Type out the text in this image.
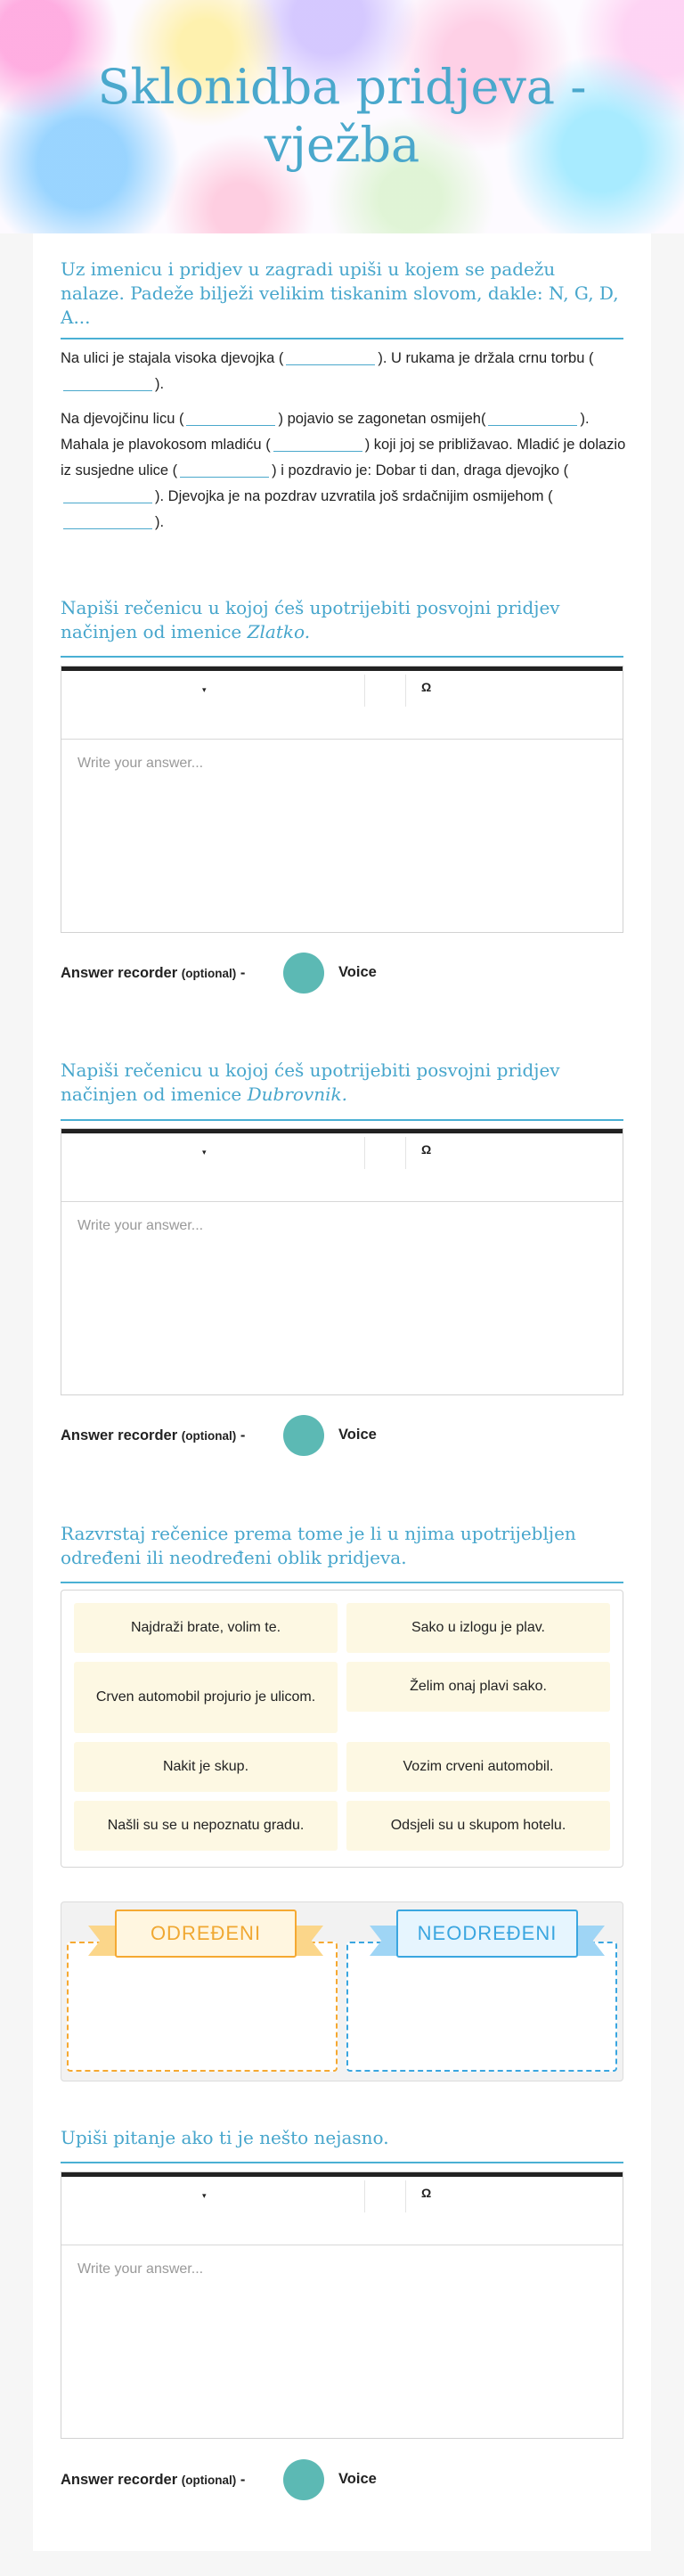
Sklonidba pridjeva - vježba
Uz imenicu i pridjev u zagradi upiši u kojem se padežu nalaze. Padeže bilježi velikim tiskanim slovom, dakle: N, G, D, A...
Na ulici je stajala visoka djevojka (	). U rukama je držala crnu torbu ().
Na djevojčinu licu (	) pojavio se zagonetan osmijeh(	). Mahala je plavokosom mladiću (	) koji joj se približavao. Mladić je dolazio iz susjedne ulice (	) i pozdravio je: Dobar ti dan, draga djevojko (). Djevojka je na pozdrav uzvratila još srdačnijim osmijehom ().
Napiši rečenicu u kojoj ćeš upotrijebiti posvojni pridjev načinjen od imenice Zlatko.
▾	Ω
Write your answer...
Answer recorder (optional) -	Voice
Napiši rečenicu u kojoj ćeš upotrijebiti posvojni pridjev načinjen od imenice Dubrovnik.
▾	Ω
Write your answer...
Answer recorder (optional) -	Voice
Razvrstaj rečenice prema tome je li u njima upotrijebljen određeni ili neodređeni oblik pridjeva.
Najdraži brate, volim te.	Sako u izlogu je plav.
Crven automobil projurio je ulicom.
Želim onaj plavi sako.
Nakit je skup.	Vozim crveni automobil.
Našli su se u nepoznatu gradu.	Odsjeli su u skupom hotelu.
ODREĐENI	NEODREĐENI
Upiši pitanje ako ti je nešto nejasno.
▾	Ω
Write your answer...
Answer recorder (optional) -	Voice
